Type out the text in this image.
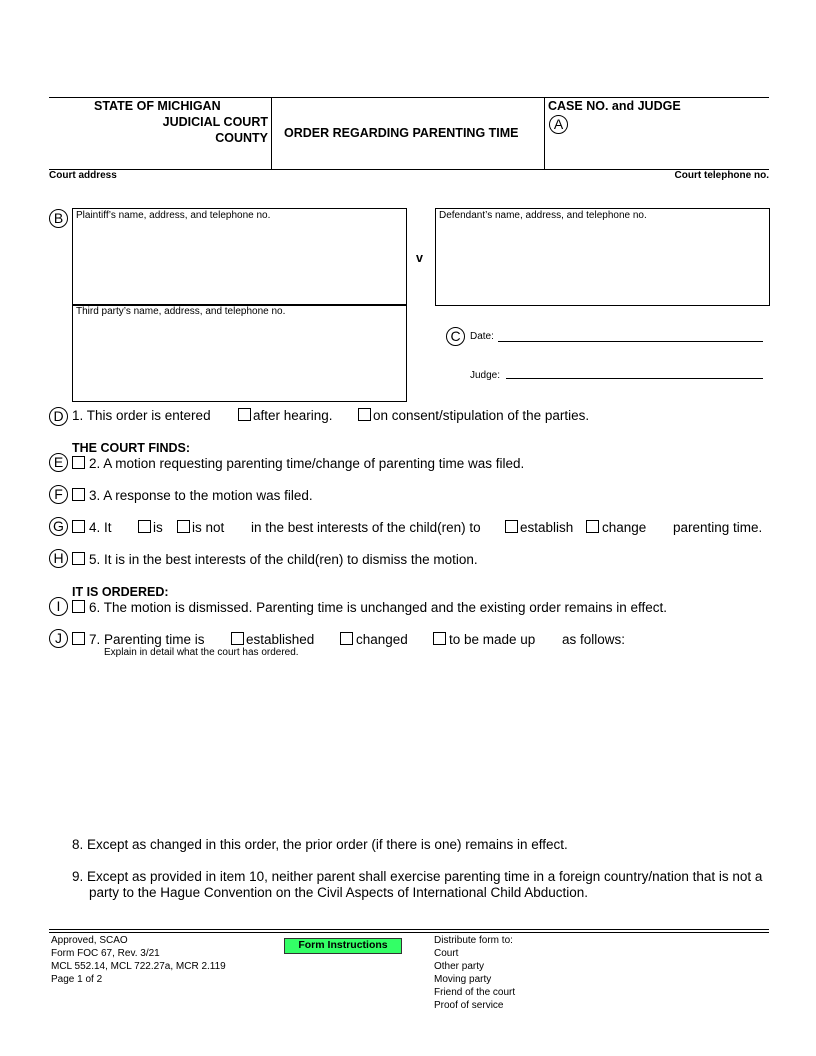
STATE OF MICHIGAN
JUDICIAL COURT
COUNTY ORDER REGARDING PARENTING TIME
CASE NO. and JUDGE
A
Court address	Court telephone no.
B	Plaintiff’s name, address, and telephone no.
Third party’s name, address, and telephone no.
v
Defendant’s name, address, and telephone no.
C Date:
Judge:
D 1. This order is entered	after hearing.	on consent/stipulation of the parties.
THE COURT FINDS:
E	2. A motion requesting parenting time/change of parenting time was filed.
F	3. A response to the motion was filed.
G	4. It	is is not in the best interests of the child(ren) to	establish change parenting time.
H	5. It is in the best interests of the child(ren) to dismiss the motion.
IT IS ORDERED:
I	6. The motion is dismissed. Parenting time is unchanged and the existing order remains in effect.
J	7. Parenting time is	established	changed	to be made up as follows:
Explain in detail what the court has ordered.
8. Except as changed in this order, the prior order (if there is one) remains in effect.
9. Except as provided in item 10, neither parent shall exercise parenting time in a foreign country/nation that is not a
party to the Hague Convention on the Civil Aspects of International Child Abduction.
Approved, SCAO
Form FOC 67, Rev. 3/21
MCL 552.14, MCL 722.27a, MCR 2.119
Page 1 of 2
Form Instructions	Distribute form to:
Court
Other party
Moving party
Friend of the court
Proof of service
